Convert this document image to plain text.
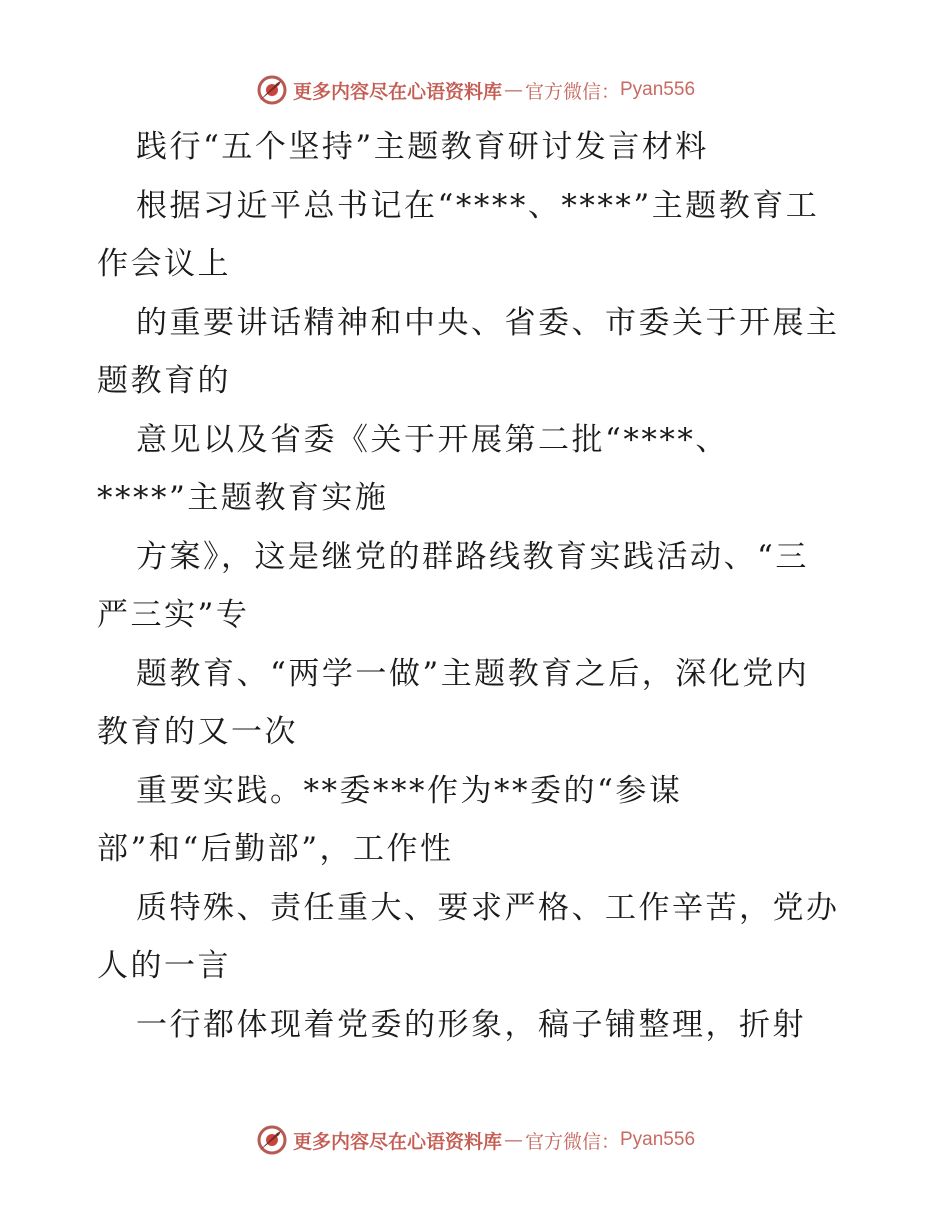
更多内容尽在心语资料库 — 官方微信： Pyan556
践行“五个坚持”主题教育研讨发言材料
根据习近平总书记在“****、****”主题教育工
作会议上
的重要讲话精神和中央、省委、市委关于开展主
题教育的
意见以及省委《关于开展第二批“****、
****”主题教育实施
方案》，这是继党的群路线教育实践活动、“三
严三实”专
题教育、“两学一做”主题教育之后，深化党内
教育的又一次
重要实践。**委***作为**委的“参谋
部”和“后勤部”，工作性
质特殊、责任重大、要求严格、工作辛苦，党办
人的一言
一行都体现着党委的形象，稿子铺整理，折射
更多内容尽在心语资料库 — 官方微信： Pyan556
